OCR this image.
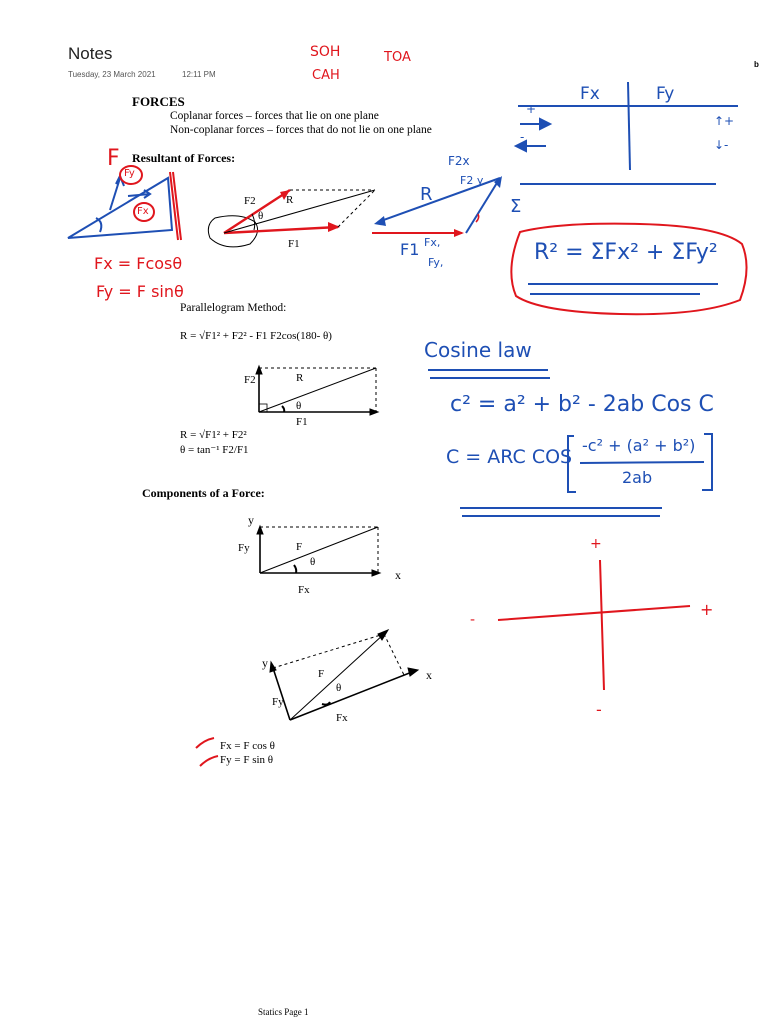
Notes
Tuesday, 23 March 2021	12:11 PM
b
SOH
CAH
TOA
FORCES
Coplanar forces – forces that lie on one plane
Non-coplanar forces – forces that do not lie on one plane
Resultant of Forces:
F
F2	R
θ
F1
F2x
F2 y
R
F1 Fx,
Fy,
Fy
Fx
Fx = Fcosθ
Fy = F sinθ
Parallelogram Method:
R = √F1² + F2² - F1 F2cos(180- θ)
F2	R
θ
F1
R = √F1² + F2²
θ = tan⁻¹ F2/F1
Components of a Force:
y
Fy	F
θ
x
Fx
y
F
θ
x
Fy
Fx
Fx = F cos θ
Fy = F sin θ
Fx	Fy
+
-
↑+
↓-
Σ
R² = ΣFx² + ΣFy²
Cosine law
c² = a² + b² - 2ab Cos C
C = ARC COS
-c² + (a² + b²)
2ab
+
-
+
-
Statics Page 1
